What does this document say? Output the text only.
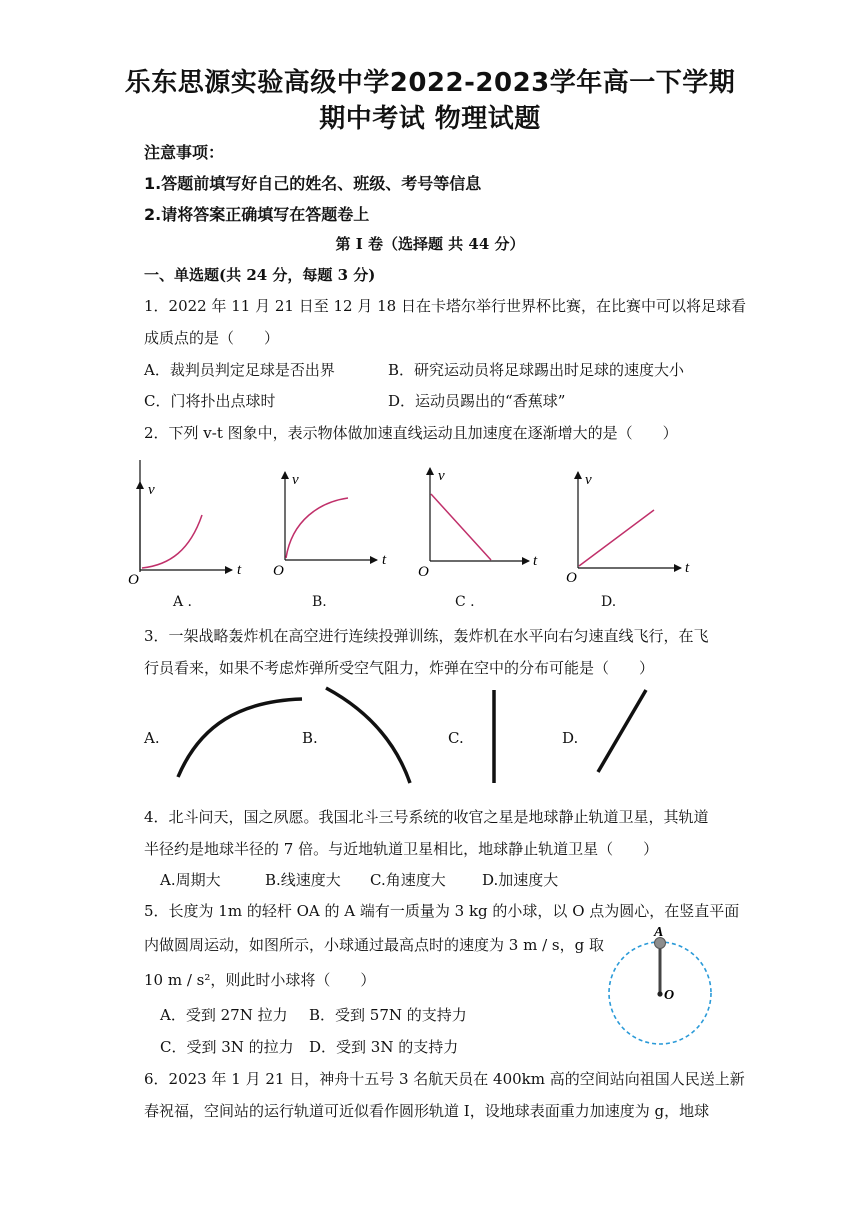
乐东思源实验高级中学2022-2023学年高一下学期
期中考试 物理试题
注意事项：
1.答题前填写好自己的姓名、班级、考号等信息
2.请将答案正确填写在答题卷上
第 I 卷（选择题 共 44 分）
一、单选题(共 24 分，每题 3 分)
1．2022 年 11 月 21 日至 12 月 18 日在卡塔尔举行世界杯比赛，在比赛中可以将足球看
成质点的是（　　）
A．裁判员判定足球是否出界	B．研究运动员将足球踢出时足球的速度大小
C．门将扑出点球时	D．运动员踢出的“香蕉球”
2．下列 v-t 图象中，表示物体做加速直线运动且加速度在逐渐增大的是（　　）
v
t
O
v
t
O
v
t
O
v
t
O
A .	B.	C .	D.
3．一架战略轰炸机在高空进行连续投弹训练，轰炸机在水平向右匀速直线飞行，在飞
行员看来，如果不考虑炸弹所受空气阻力，炸弹在空中的分布可能是（　　）
A.	B.	C.	D.
4．北斗问天，国之夙愿。我国北斗三号系统的收官之星是地球静止轨道卫星，其轨道
半径约是地球半径的 7 倍。与近地轨道卫星相比，地球静止轨道卫星（　　）
A.周期大	B.线速度大 C.角速度大 D.加速度大
5．长度为 1m 的轻杆 OA 的 A 端有一质量为 3 kg 的小球，以 O 点为圆心，在竖直平面
内做圆周运动，如图所示，小球通过最高点时的速度为 3 m / s，g 取
10 m / s²，则此时小球将（　　）
A．受到 27N 拉力 B．受到 57N 的支持力
C．受到 3N 的拉力 D．受到 3N 的支持力
A
O
6．2023 年 1 月 21 日，神舟十五号 3 名航天员在 400km 高的空间站向祖国人民送上新
春祝福，空间站的运行轨道可近似看作圆形轨道 I，设地球表面重力加速度为 g，地球
